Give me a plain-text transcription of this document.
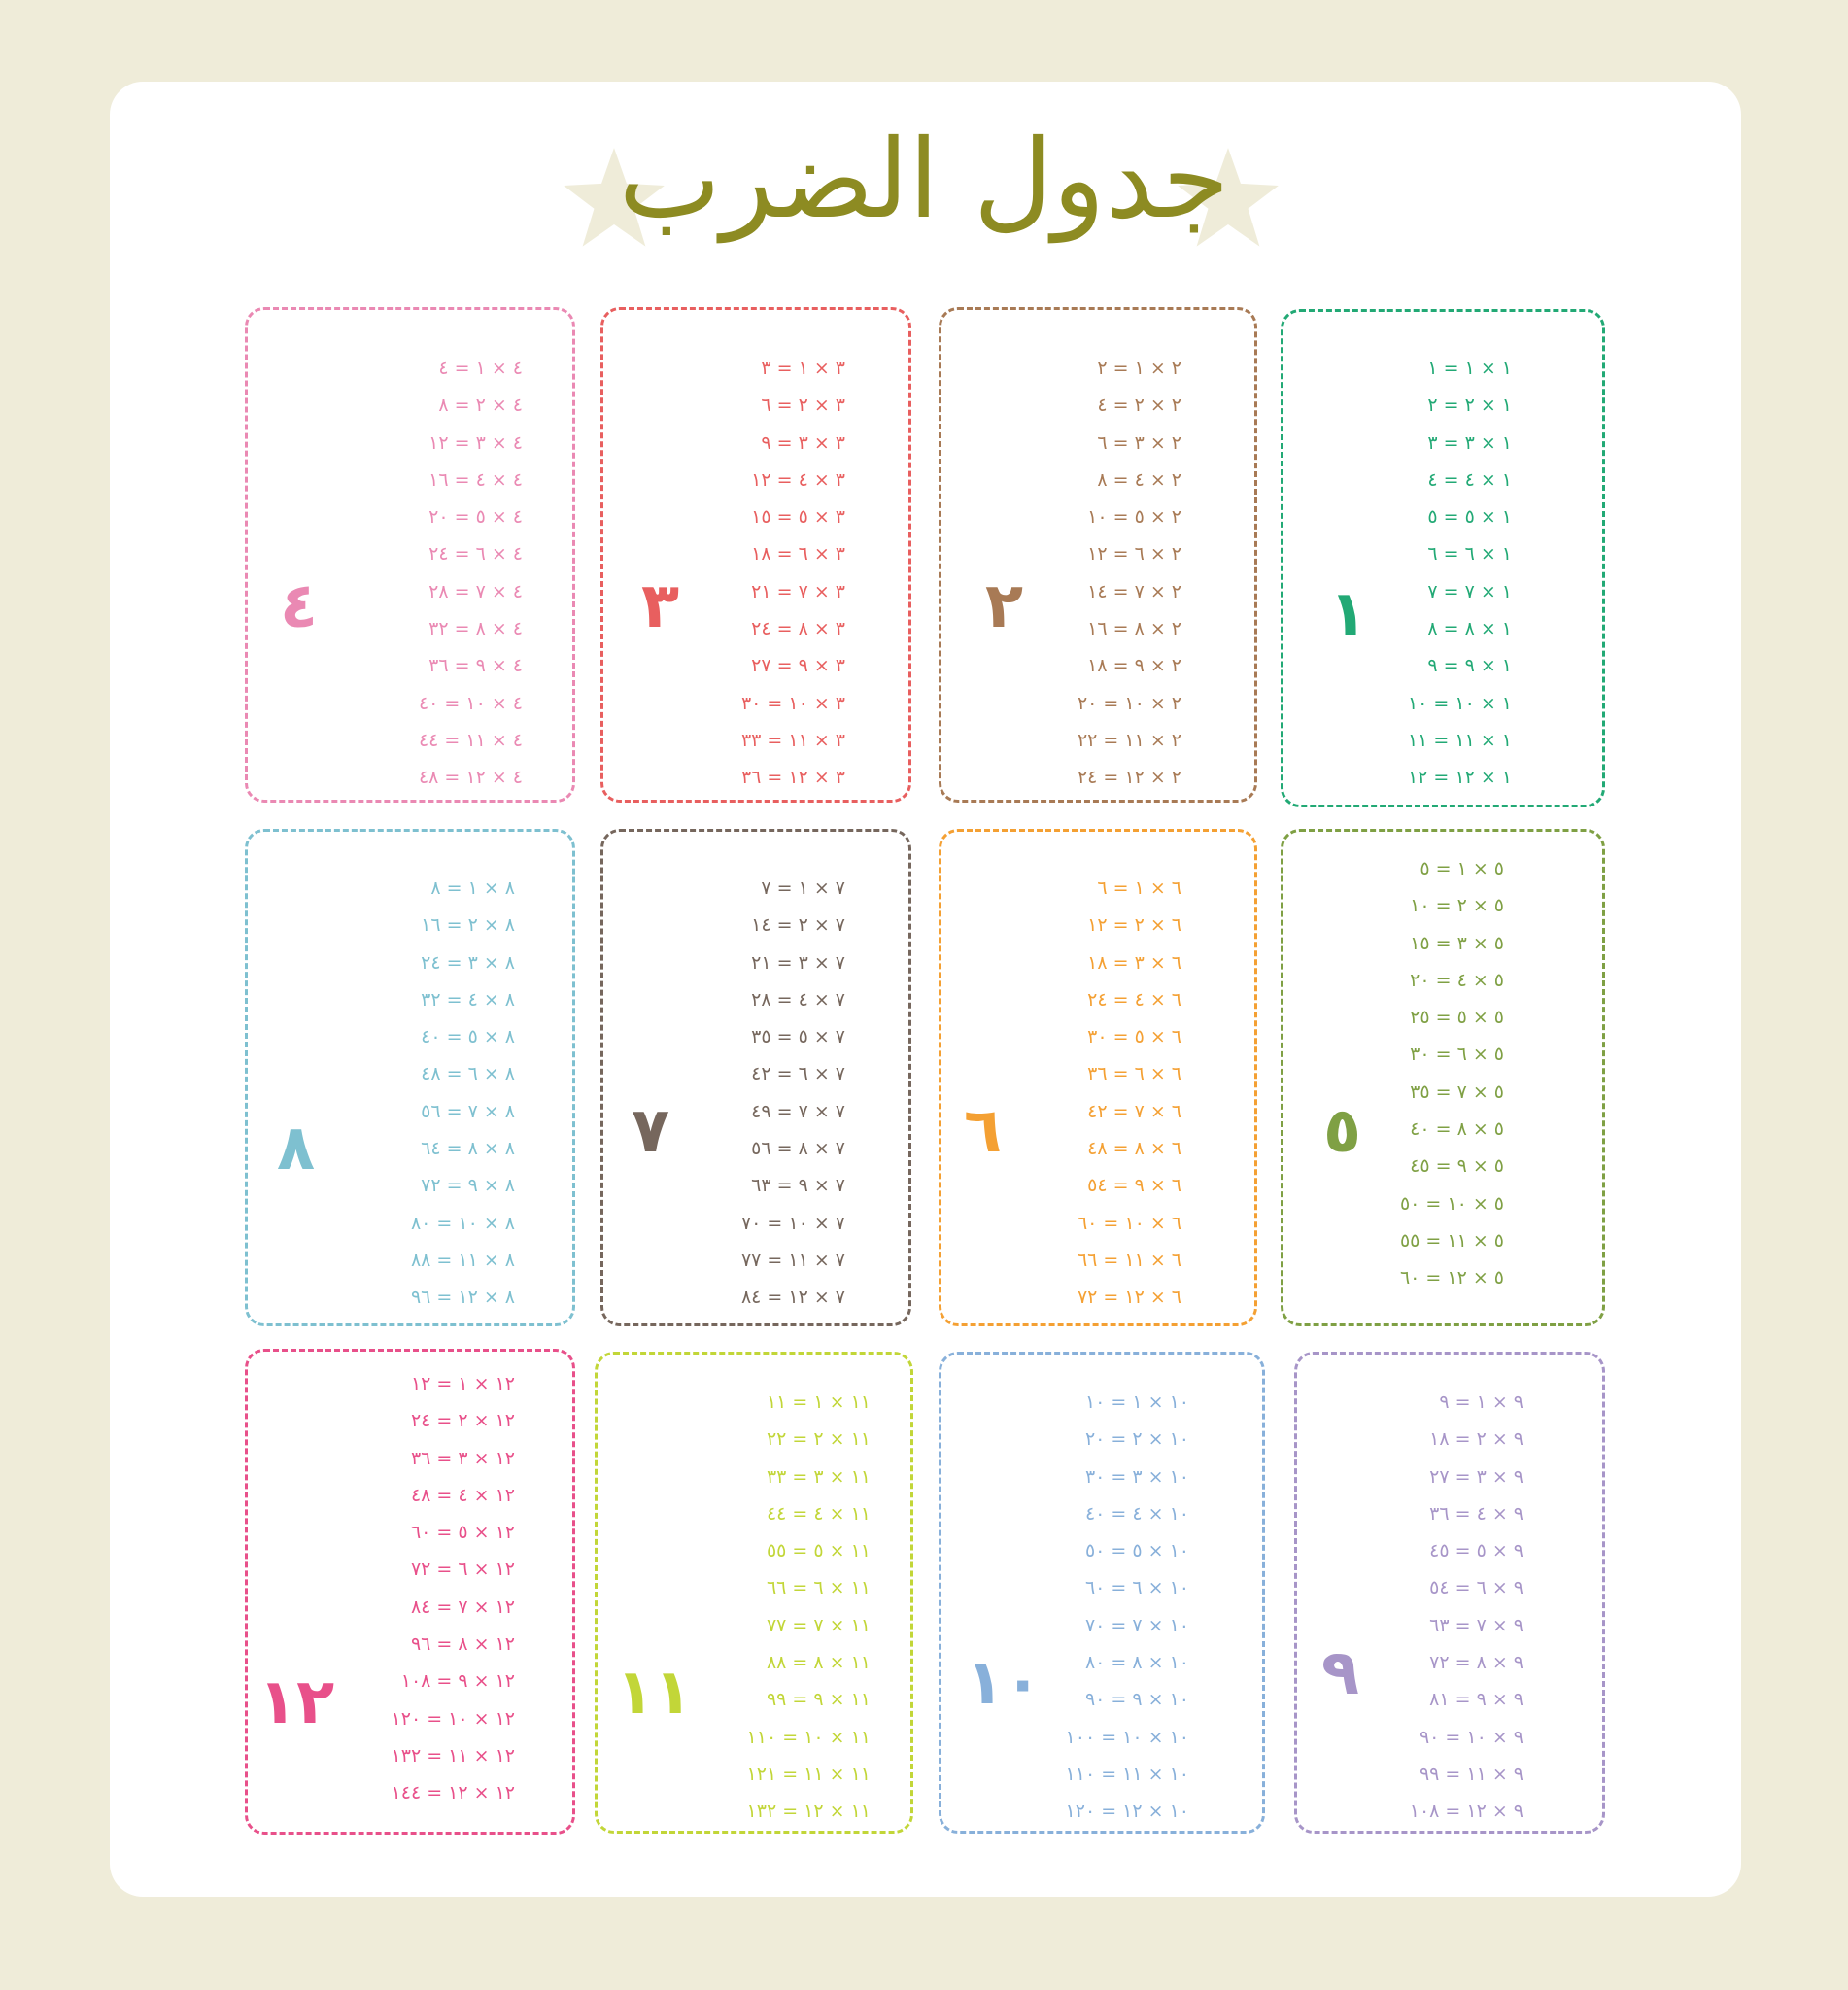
جدول الضرب
١
١ × ١ = ١
١ × ٢ = ٢
١ × ٣ = ٣
١ × ٤ = ٤
١ × ٥ = ٥
١ × ٦ = ٦
١ × ٧ = ٧
١ × ٨ = ٨
١ × ٩ = ٩
١ × ١٠ = ١٠
١ × ١١ = ١١
١ × ١٢ = ١٢
٢
٢ × ١ = ٢
٢ × ٢ = ٤
٢ × ٣ = ٦
٢ × ٤ = ٨
٢ × ٥ = ١٠
٢ × ٦ = ١٢
٢ × ٧ = ١٤
٢ × ٨ = ١٦
٢ × ٩ = ١٨
٢ × ١٠ = ٢٠
٢ × ١١ = ٢٢
٢ × ١٢ = ٢٤
٣
٣ × ١ = ٣
٣ × ٢ = ٦
٣ × ٣ = ٩
٣ × ٤ = ١٢
٣ × ٥ = ١٥
٣ × ٦ = ١٨
٣ × ٧ = ٢١
٣ × ٨ = ٢٤
٣ × ٩ = ٢٧
٣ × ١٠ = ٣٠
٣ × ١١ = ٣٣
٣ × ١٢ = ٣٦
٤
٤ × ١ = ٤
٤ × ٢ = ٨
٤ × ٣ = ١٢
٤ × ٤ = ١٦
٤ × ٥ = ٢٠
٤ × ٦ = ٢٤
٤ × ٧ = ٢٨
٤ × ٨ = ٣٢
٤ × ٩ = ٣٦
٤ × ١٠ = ٤٠
٤ × ١١ = ٤٤
٤ × ١٢ = ٤٨
٥
٥ × ١ = ٥
٥ × ٢ = ١٠
٥ × ٣ = ١٥
٥ × ٤ = ٢٠
٥ × ٥ = ٢٥
٥ × ٦ = ٣٠
٥ × ٧ = ٣٥
٥ × ٨ = ٤٠
٥ × ٩ = ٤٥
٥ × ١٠ = ٥٠
٥ × ١١ = ٥٥
٥ × ١٢ = ٦٠
٦
٦ × ١ = ٦
٦ × ٢ = ١٢
٦ × ٣ = ١٨
٦ × ٤ = ٢٤
٦ × ٥ = ٣٠
٦ × ٦ = ٣٦
٦ × ٧ = ٤٢
٦ × ٨ = ٤٨
٦ × ٩ = ٥٤
٦ × ١٠ = ٦٠
٦ × ١١ = ٦٦
٦ × ١٢ = ٧٢
٧
٧ × ١ = ٧
٧ × ٢ = ١٤
٧ × ٣ = ٢١
٧ × ٤ = ٢٨
٧ × ٥ = ٣٥
٧ × ٦ = ٤٢
٧ × ٧ = ٤٩
٧ × ٨ = ٥٦
٧ × ٩ = ٦٣
٧ × ١٠ = ٧٠
٧ × ١١ = ٧٧
٧ × ١٢ = ٨٤
٨
٨ × ١ = ٨
٨ × ٢ = ١٦
٨ × ٣ = ٢٤
٨ × ٤ = ٣٢
٨ × ٥ = ٤٠
٨ × ٦ = ٤٨
٨ × ٧ = ٥٦
٨ × ٨ = ٦٤
٨ × ٩ = ٧٢
٨ × ١٠ = ٨٠
٨ × ١١ = ٨٨
٨ × ١٢ = ٩٦
٩
٩ × ١ = ٩
٩ × ٢ = ١٨
٩ × ٣ = ٢٧
٩ × ٤ = ٣٦
٩ × ٥ = ٤٥
٩ × ٦ = ٥٤
٩ × ٧ = ٦٣
٩ × ٨ = ٧٢
٩ × ٩ = ٨١
٩ × ١٠ = ٩٠
٩ × ١١ = ٩٩
٩ × ١٢ = ١٠٨
١٠
١٠ × ١ = ١٠
١٠ × ٢ = ٢٠
١٠ × ٣ = ٣٠
١٠ × ٤ = ٤٠
١٠ × ٥ = ٥٠
١٠ × ٦ = ٦٠
١٠ × ٧ = ٧٠
١٠ × ٨ = ٨٠
١٠ × ٩ = ٩٠
١٠ × ١٠ = ١٠٠
١٠ × ١١ = ١١٠
١٠ × ١٢ = ١٢٠
١١
١١ × ١ = ١١
١١ × ٢ = ٢٢
١١ × ٣ = ٣٣
١١ × ٤ = ٤٤
١١ × ٥ = ٥٥
١١ × ٦ = ٦٦
١١ × ٧ = ٧٧
١١ × ٨ = ٨٨
١١ × ٩ = ٩٩
١١ × ١٠ = ١١٠
١١ × ١١ = ١٢١
١١ × ١٢ = ١٣٢
١٢
١٢ × ١ = ١٢
١٢ × ٢ = ٢٤
١٢ × ٣ = ٣٦
١٢ × ٤ = ٤٨
١٢ × ٥ = ٦٠
١٢ × ٦ = ٧٢
١٢ × ٧ = ٨٤
١٢ × ٨ = ٩٦
١٢ × ٩ = ١٠٨
١٢ × ١٠ = ١٢٠
١٢ × ١١ = ١٣٢
١٢ × ١٢ = ١٤٤
